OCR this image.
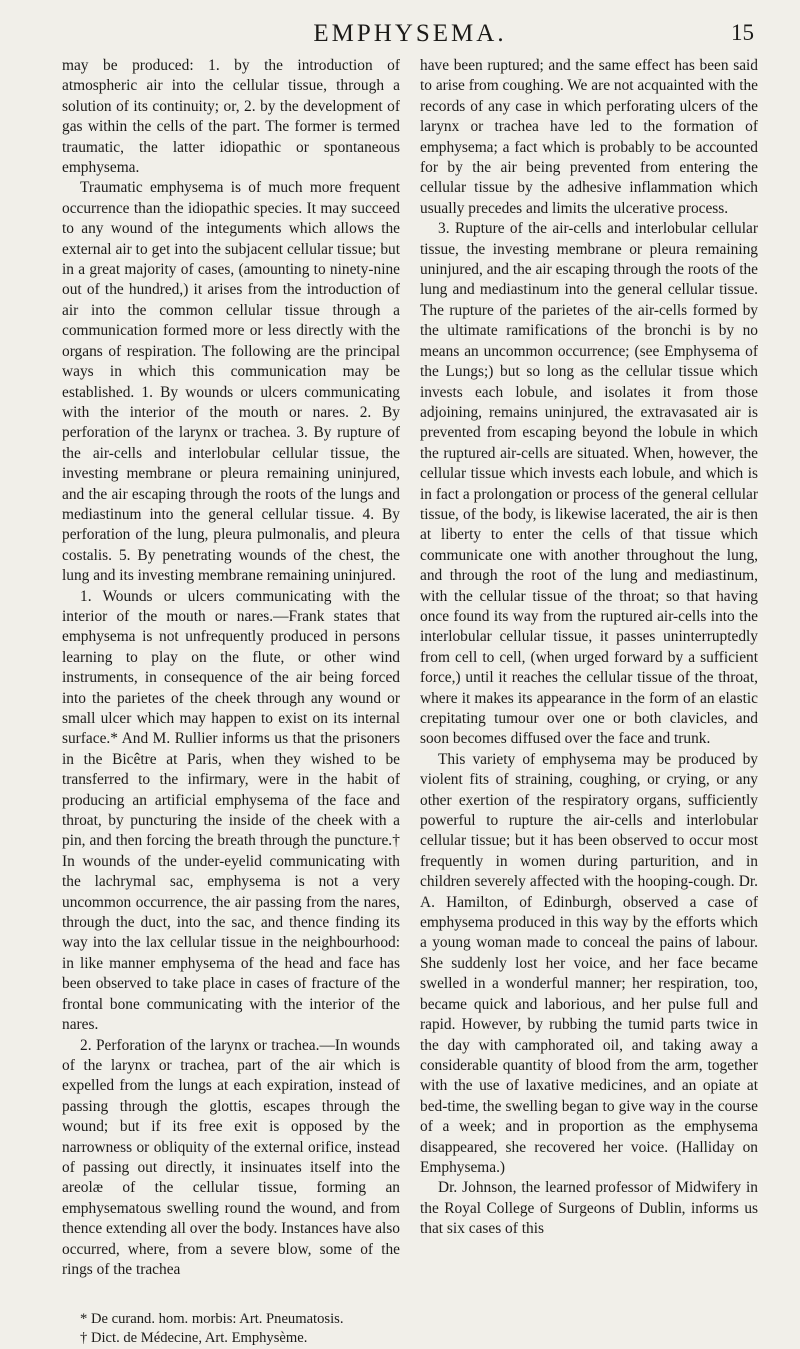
EMPHYSEMA.	15

may be produced: 1. by the introduction of atmospheric air into the cellular tissue, through a solution of its continuity; or, 2. by the development of gas within the cells of the part. The former is termed traumatic, the latter idiopathic or spontaneous emphysema.

Traumatic emphysema is of much more frequent occurrence than the idiopathic species. It may succeed to any wound of the integuments which allows the external air to get into the subjacent cellular tissue; but in a great majority of cases, (amounting to ninety-nine out of the hundred,) it arises from the introduction of air into the common cellular tissue through a communication formed more or less directly with the organs of respiration. The following are the principal ways in which this communication may be established. 1. By wounds or ulcers communicating with the interior of the mouth or nares. 2. By perforation of the larynx or trachea. 3. By rupture of the air-cells and interlobular cellular tissue, the investing membrane or pleura remaining uninjured, and the air escaping through the roots of the lungs and mediastinum into the general cellular tissue. 4. By perforation of the lung, pleura pulmonalis, and pleura costalis. 5. By penetrating wounds of the chest, the lung and its investing membrane remaining uninjured.

1. Wounds or ulcers communicating with the interior of the mouth or nares.—Frank states that emphysema is not unfrequently produced in persons learning to play on the flute, or other wind instruments, in consequence of the air being forced into the parietes of the cheek through any wound or small ulcer which may happen to exist on its internal surface.* And M. Rullier informs us that the prisoners in the Bicêtre at Paris, when they wished to be transferred to the infirmary, were in the habit of producing an artificial emphysema of the face and throat, by puncturing the inside of the cheek with a pin, and then forcing the breath through the puncture.† In wounds of the under-eyelid communicating with the lachrymal sac, emphysema is not a very uncommon occurrence, the air passing from the nares, through the duct, into the sac, and thence finding its way into the lax cellular tissue in the neighbourhood: in like manner emphysema of the head and face has been observed to take place in cases of fracture of the frontal bone communicating with the interior of the nares.

2. Perforation of the larynx or trachea.—In wounds of the larynx or trachea, part of the air which is expelled from the lungs at each expiration, instead of passing through the glottis, escapes through the wound; but if its free exit is opposed by the narrowness or obliquity of the external orifice, instead of passing out directly, it insinuates itself into the areolæ of the cellular tissue, forming an emphysematous swelling round the wound, and from thence extending all over the body. Instances have also occurred, where, from a severe blow, some of the rings of the trachea

* De curand. hom. morbis: Art. Pneumatosis.

† Dict. de Médecine, Art. Emphysème.

have been ruptured; and the same effect has been said to arise from coughing. We are not acquainted with the records of any case in which perforating ulcers of the larynx or trachea have led to the formation of emphysema; a fact which is probably to be accounted for by the air being prevented from entering the cellular tissue by the adhesive inflammation which usually precedes and limits the ulcerative process.

3. Rupture of the air-cells and interlobular cellular tissue, the investing membrane or pleura remaining uninjured, and the air escaping through the roots of the lung and mediastinum into the general cellular tissue. The rupture of the parietes of the air-cells formed by the ultimate ramifications of the bronchi is by no means an uncommon occurrence; (see Emphysema of the Lungs;) but so long as the cellular tissue which invests each lobule, and isolates it from those adjoining, remains uninjured, the extravasated air is prevented from escaping beyond the lobule in which the ruptured air-cells are situated. When, however, the cellular tissue which invests each lobule, and which is in fact a prolongation or process of the general cellular tissue, of the body, is likewise lacerated, the air is then at liberty to enter the cells of that tissue which communicate one with another throughout the lung, and through the root of the lung and mediastinum, with the cellular tissue of the throat; so that having once found its way from the ruptured air-cells into the interlobular cellular tissue, it passes uninterruptedly from cell to cell, (when urged forward by a sufficient force,) until it reaches the cellular tissue of the throat, where it makes its appearance in the form of an elastic crepitating tumour over one or both clavicles, and soon becomes diffused over the face and trunk.

This variety of emphysema may be produced by violent fits of straining, coughing, or crying, or any other exertion of the respiratory organs, sufficiently powerful to rupture the air-cells and interlobular cellular tissue; but it has been observed to occur most frequently in women during parturition, and in children severely affected with the hooping-cough. Dr. A. Hamilton, of Edinburgh, observed a case of emphysema produced in this way by the efforts which a young woman made to conceal the pains of labour. She suddenly lost her voice, and her face became swelled in a wonderful manner; her respiration, too, became quick and laborious, and her pulse full and rapid. However, by rubbing the tumid parts twice in the day with camphorated oil, and taking away a considerable quantity of blood from the arm, together with the use of laxative medicines, and an opiate at bed-time, the swelling began to give way in the course of a week; and in proportion as the emphysema disappeared, she recovered her voice. (Halliday on Emphysema.)

Dr. Johnson, the learned professor of Midwifery in the Royal College of Surgeons of Dublin, informs us that six cases of this
